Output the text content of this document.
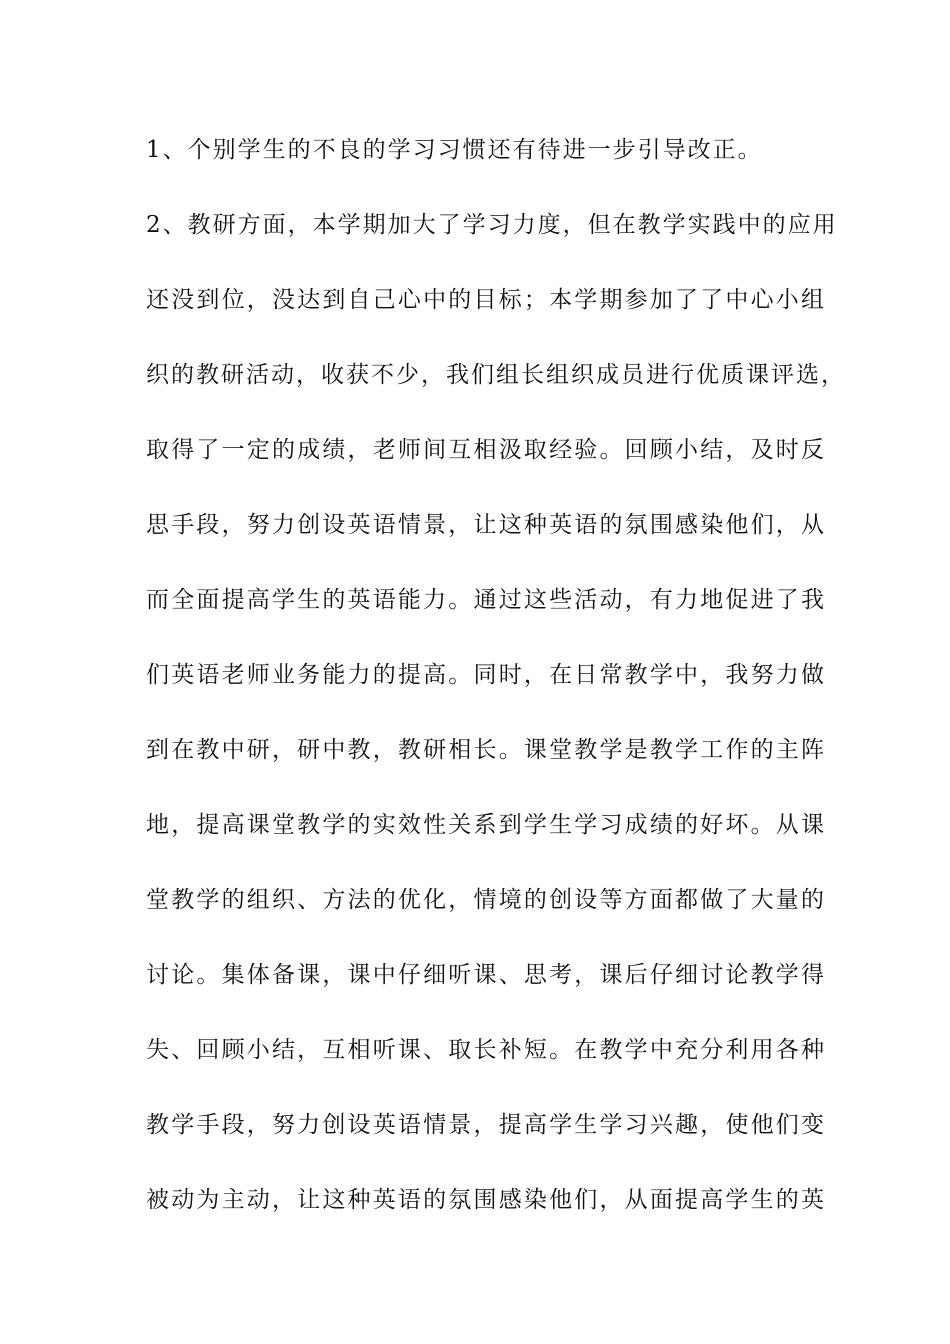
1、个别学生的不良的学习习惯还有待进一步引导改正。
2、教研方面，本学期加大了学习力度，但在教学实践中的应用
还没到位，没达到自己心中的目标；本学期参加了了中心小组
织的教研活动，收获不少，我们组长组织成员进行优质课评选，
取得了一定的成绩，老师间互相汲取经验。回顾小结，及时反
思手段，努力创设英语情景，让这种英语的氛围感染他们，从
而全面提高学生的英语能力。通过这些活动，有力地促进了我
们英语老师业务能力的提高。同时，在日常教学中，我努力做
到在教中研，研中教，教研相长。课堂教学是教学工作的主阵
地，提高课堂教学的实效性关系到学生学习成绩的好坏。从课
堂教学的组织、方法的优化，情境的创设等方面都做了大量的
讨论。集体备课，课中仔细听课、思考，课后仔细讨论教学得
失、回顾小结，互相听课、取长补短。在教学中充分利用各种
教学手段，努力创设英语情景，提高学生学习兴趣，使他们变
被动为主动，让这种英语的氛围感染他们，从面提高学生的英
